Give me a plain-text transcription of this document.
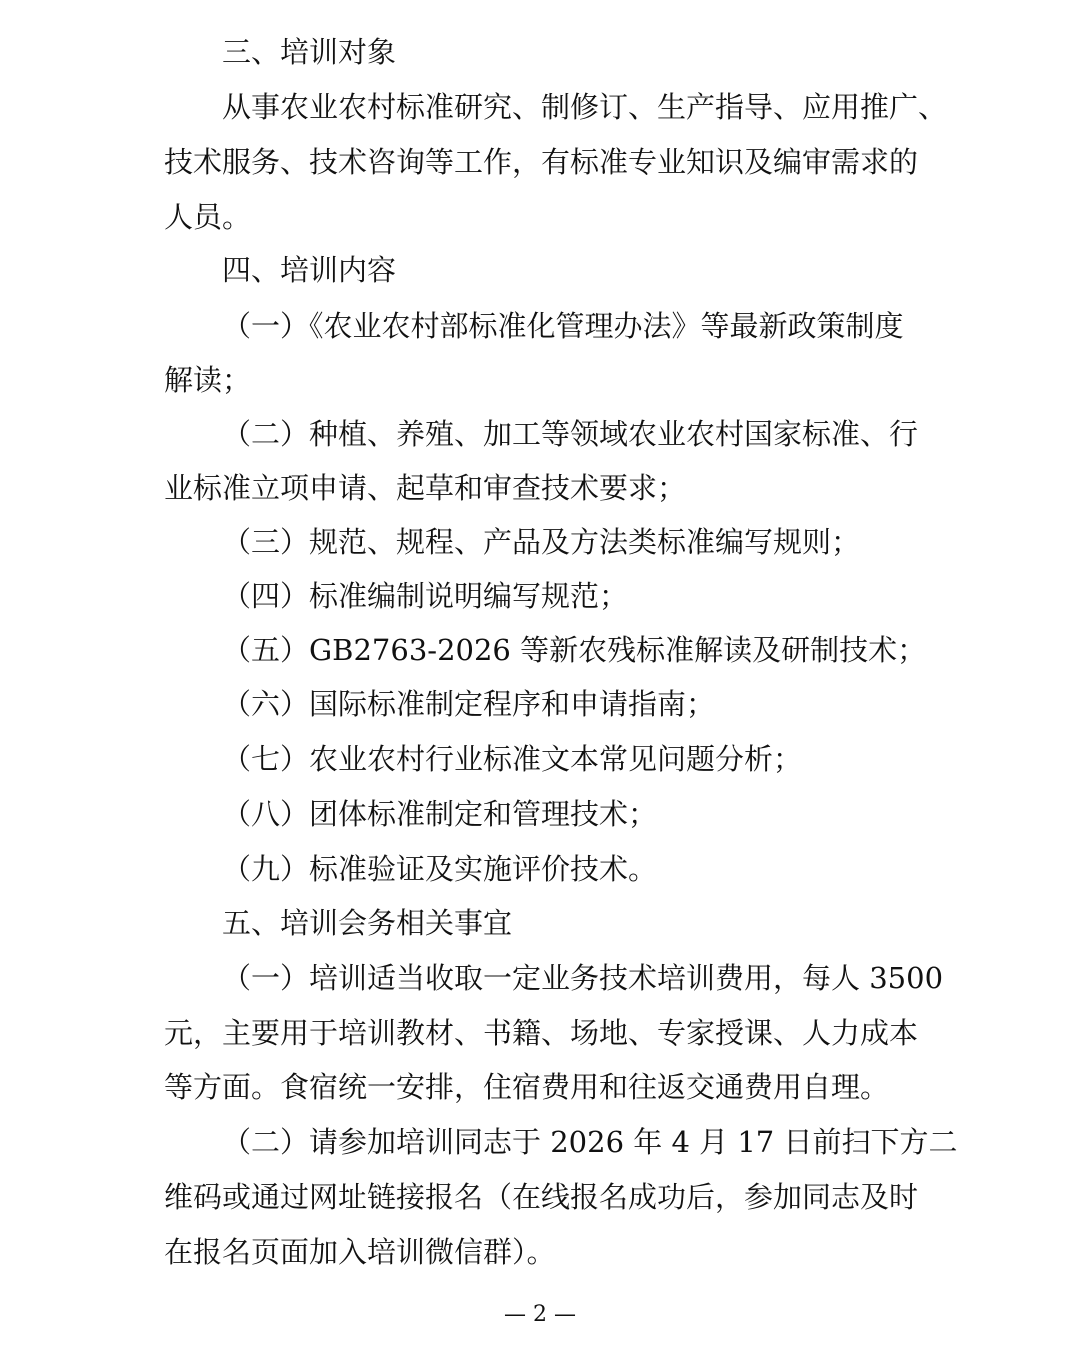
三、培训对象

从事农业农村标准研究、制修订、生产指导、应用推广、

技术服务、技术咨询等工作，有标准专业知识及编审需求的

人员。

四、培训内容

（一）《农业农村部标准化管理办法》等最新政策制度

解读；

（二）种植、养殖、加工等领域农业农村国家标准、行

业标准立项申请、起草和审查技术要求；

（三）规范、规程、产品及方法类标准编写规则；

（四）标准编制说明编写规范；

（五）GB2763-2026 等新农残标准解读及研制技术；

（六）国际标准制定程序和申请指南；

（七）农业农村行业标准文本常见问题分析；

（八）团体标准制定和管理技术；

（九）标准验证及实施评价技术。

五、培训会务相关事宜

（一）培训适当收取一定业务技术培训费用，每人 3500

元，主要用于培训教材、书籍、场地、专家授课、人力成本

等方面。食宿统一安排，住宿费用和往返交通费用自理。

（二）请参加培训同志于 2026 年 4 月 17 日前扫下方二

维码或通过网址链接报名（在线报名成功后，参加同志及时

在报名页面加入培训微信群）。

— 2 —
